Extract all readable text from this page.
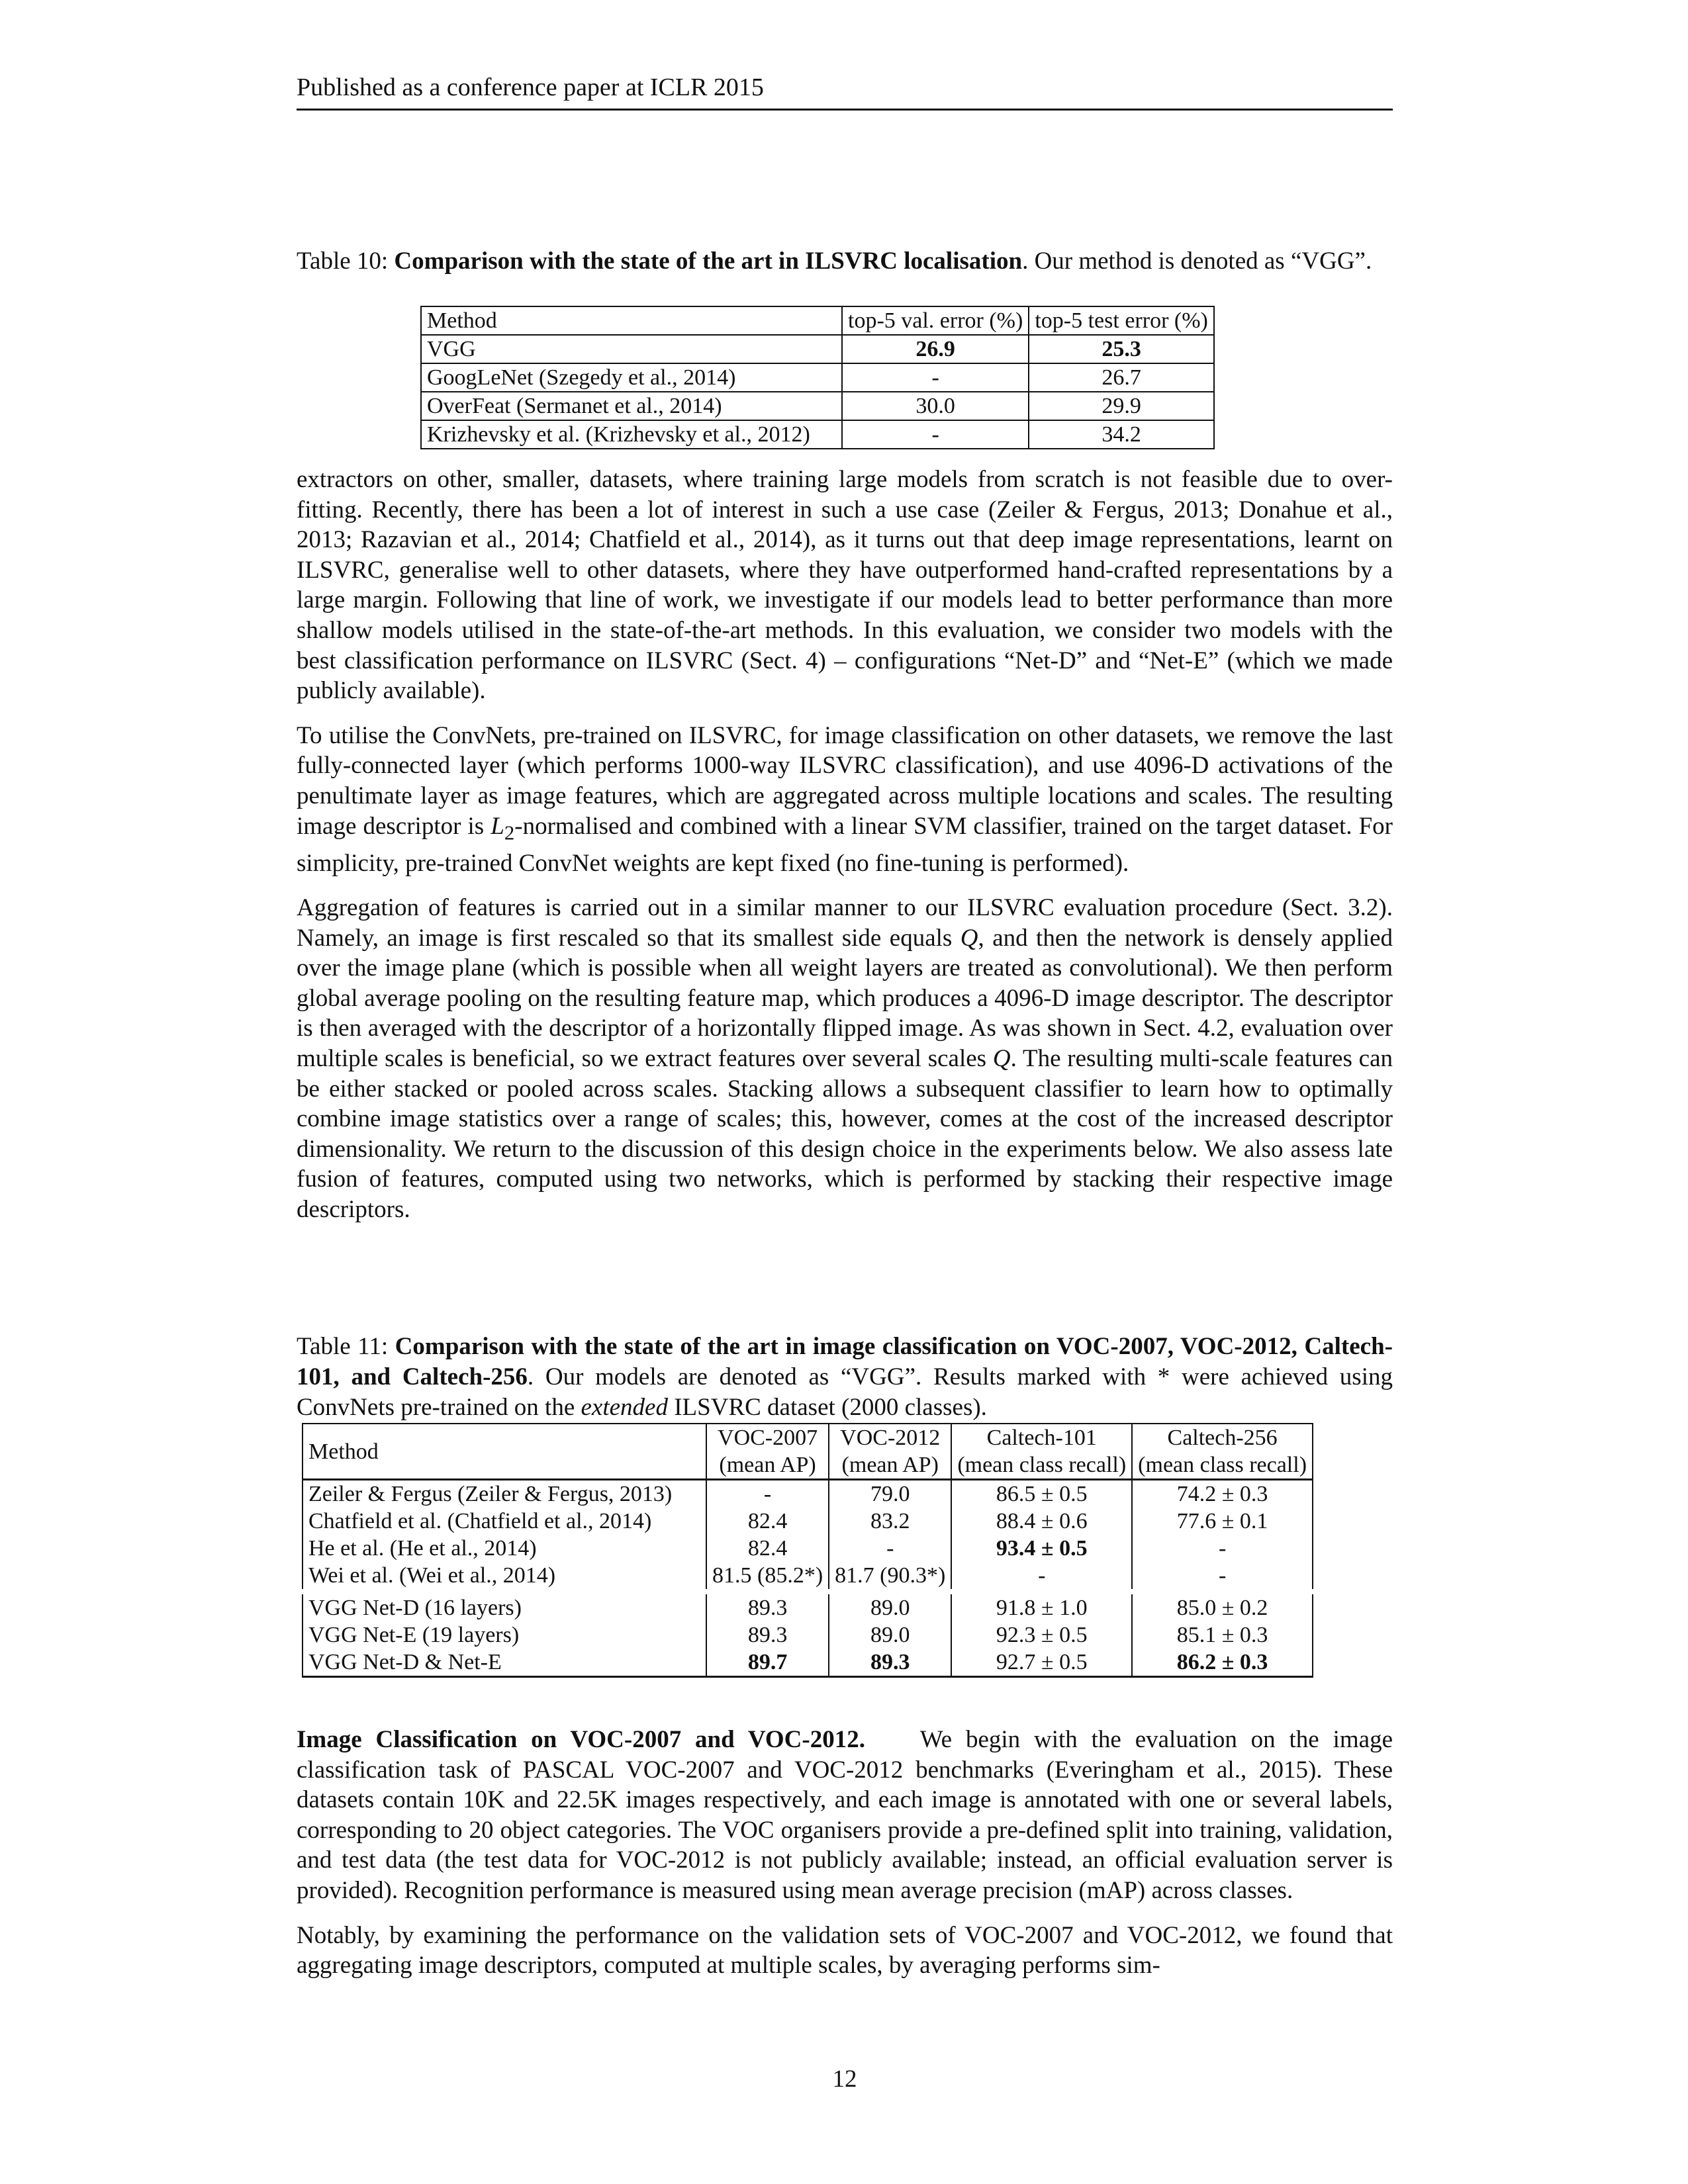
Published as a conference paper at ICLR 2015
Table 10: Comparison with the state of the art in ILSVRC localisation. Our method is denoted as “VGG”.
Method	top-5 val. error (%)	top-5 test error (%)
VGG	26.9	25.3
GoogLeNet (Szegedy et al., 2014)	-	26.7
OverFeat (Sermanet et al., 2014)	30.0	29.9
Krizhevsky et al. (Krizhevsky et al., 2012)	-	34.2

extractors on other, smaller, datasets, where training large models from scratch is not feasible due to over-fitting. Recently, there has been a lot of interest in such a use case (Zeiler & Fergus, 2013; Donahue et al., 2013; Razavian et al., 2014; Chatfield et al., 2014), as it turns out that deep image representations, learnt on ILSVRC, generalise well to other datasets, where they have outperformed hand-crafted representations by a large margin. Following that line of work, we investigate if our models lead to better performance than more shallow models utilised in the state-of-the-art methods. In this evaluation, we consider two models with the best classification performance on ILSVRC (Sect. 4) – configurations “Net-D” and “Net-E” (which we made publicly available).

To utilise the ConvNets, pre-trained on ILSVRC, for image classification on other datasets, we remove the last fully-connected layer (which performs 1000-way ILSVRC classification), and use 4096-D activations of the penultimate layer as image features, which are aggregated across multiple locations and scales. The resulting image descriptor is $L_2$-normalised and combined with a linear SVM classifier, trained on the target dataset. For simplicity, pre-trained ConvNet weights are kept fixed (no fine-tuning is performed).

Aggregation of features is carried out in a similar manner to our ILSVRC evaluation procedure (Sect. 3.2). Namely, an image is first rescaled so that its smallest side equals Q, and then the network is densely applied over the image plane (which is possible when all weight layers are treated as convolutional). We then perform global average pooling on the resulting feature map, which produces a 4096-D image descriptor. The descriptor is then averaged with the descriptor of a horizontally flipped image. As was shown in Sect. 4.2, evaluation over multiple scales is beneficial, so we extract features over several scales Q. The resulting multi-scale features can be either stacked or pooled across scales. Stacking allows a subsequent classifier to learn how to optimally combine image statistics over a range of scales; this, however, comes at the cost of the increased descriptor dimensionality. We return to the discussion of this design choice in the experiments below. We also assess late fusion of features, computed using two networks, which is performed by stacking their respective image descriptors.

Table 11: Comparison with the state of the art in image classification on VOC-2007, VOC-2012, Caltech-101, and Caltech-256. Our models are denoted as “VGG”. Results marked with * were achieved using ConvNets pre-trained on the extended ILSVRC dataset (2000 classes).
Method	VOC-2007	VOC-2012	Caltech-101	Caltech-256
	(mean AP)	(mean AP)	(mean class recall)	(mean class recall)
Zeiler & Fergus (Zeiler & Fergus, 2013)	-	79.0	86.5 ± 0.5	74.2 ± 0.3
Chatfield et al. (Chatfield et al., 2014)	82.4	83.2	88.4 ± 0.6	77.6 ± 0.1
He et al. (He et al., 2014)	82.4	-	93.4 ± 0.5	-
Wei et al. (Wei et al., 2014)	81.5 (85.2*)	81.7 (90.3*)	-	-
VGG Net-D (16 layers)	89.3	89.0	91.8 ± 1.0	85.0 ± 0.2
VGG Net-E (19 layers)	89.3	89.0	92.3 ± 0.5	85.1 ± 0.3
VGG Net-D & Net-E	89.7	89.3	92.7 ± 0.5	86.2 ± 0.3

Image Classification on VOC-2007 and VOC-2012. We begin with the evaluation on the image classification task of PASCAL VOC-2007 and VOC-2012 benchmarks (Everingham et al., 2015). These datasets contain 10K and 22.5K images respectively, and each image is annotated with one or several labels, corresponding to 20 object categories. The VOC organisers provide a pre-defined split into training, validation, and test data (the test data for VOC-2012 is not publicly available; instead, an official evaluation server is provided). Recognition performance is measured using mean average precision (mAP) across classes.

Notably, by examining the performance on the validation sets of VOC-2007 and VOC-2012, we found that aggregating image descriptors, computed at multiple scales, by averaging performs sim-

12
